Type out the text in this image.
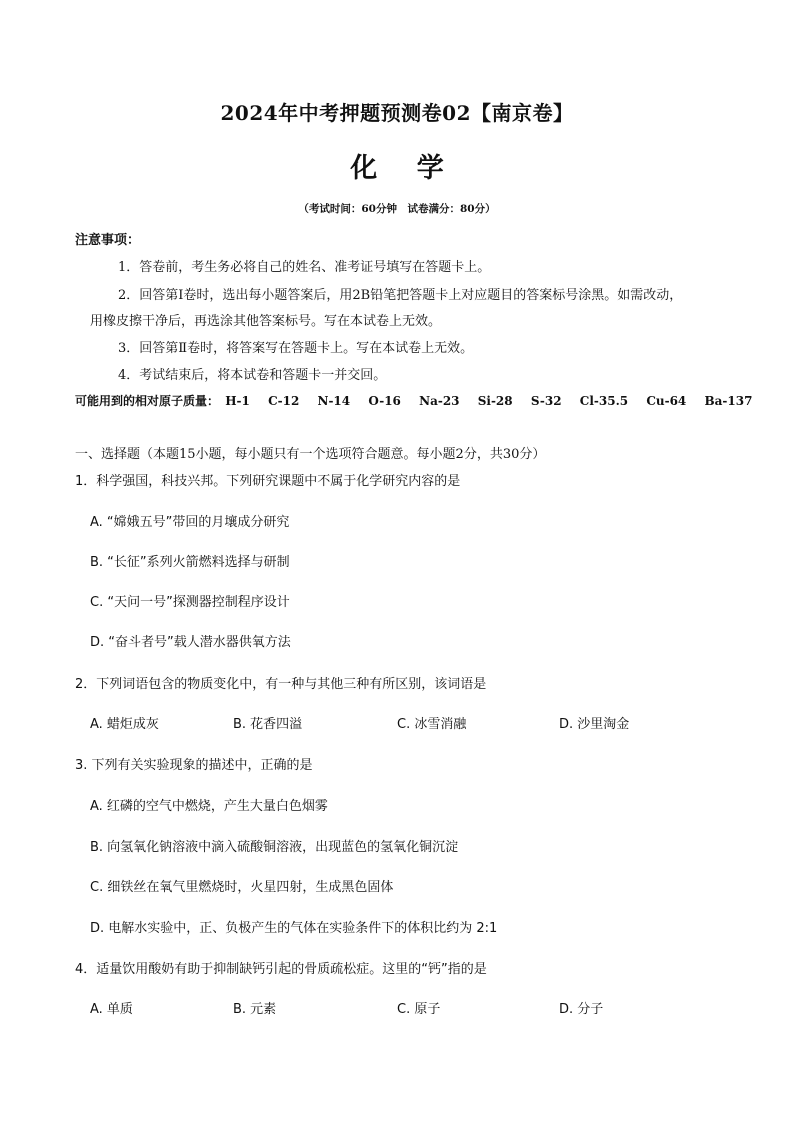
2024年中考押题预测卷02【南京卷】
化 学
（考试时间：60分钟　试卷满分：80分）
注意事项：
1．答卷前，考生务必将自己的姓名、准考证号填写在答题卡上。
2．回答第Ⅰ卷时，选出每小题答案后，用2B铅笔把答题卡上对应题目的答案标号涂黑。如需改动，
用橡皮擦干净后，再选涂其他答案标号。写在本试卷上无效。
3．回答第Ⅱ卷时，将答案写在答题卡上。写在本试卷上无效。
4．考试结束后，将本试卷和答题卡一并交回。
可能用到的相对原子质量： H-1 C-12 N-14 O-16 Na-23 Si-28 S-32 Cl-35.5 Cu-64 Ba-137
一、选择题（本题15小题，每小题只有一个选项符合题意。每小题2分，共30分）
1．科学强国，科技兴邦。下列研究课题中不属于化学研究内容的是
A. “嫦娥五号”带回的月壤成分研究
B. “长征”系列火箭燃料选择与研制
C. “天问一号”探测器控制程序设计
D. “奋斗者号”载人潜水器供氧方法
2．下列词语包含的物质变化中，有一种与其他三种有所区别，该词语是
A. 蜡炬成灰	B. 花香四溢	C. 冰雪消融	D. 沙里淘金
3. 下列有关实验现象的描述中，正确的是
A. 红磷的空气中燃烧，产生大量白色烟雾
B. 向氢氧化钠溶液中滴入硫酸铜溶液，出现蓝色的氢氧化铜沉淀
C. 细铁丝在氧气里燃烧时，火星四射，生成黑色固体
D. 电解水实验中，正、负极产生的气体在实验条件下的体积比约为 2:1
4．适量饮用酸奶有助于抑制缺钙引起的骨质疏松症。这里的“钙”指的是
A. 单质	B. 元素	C. 原子	D. 分子
